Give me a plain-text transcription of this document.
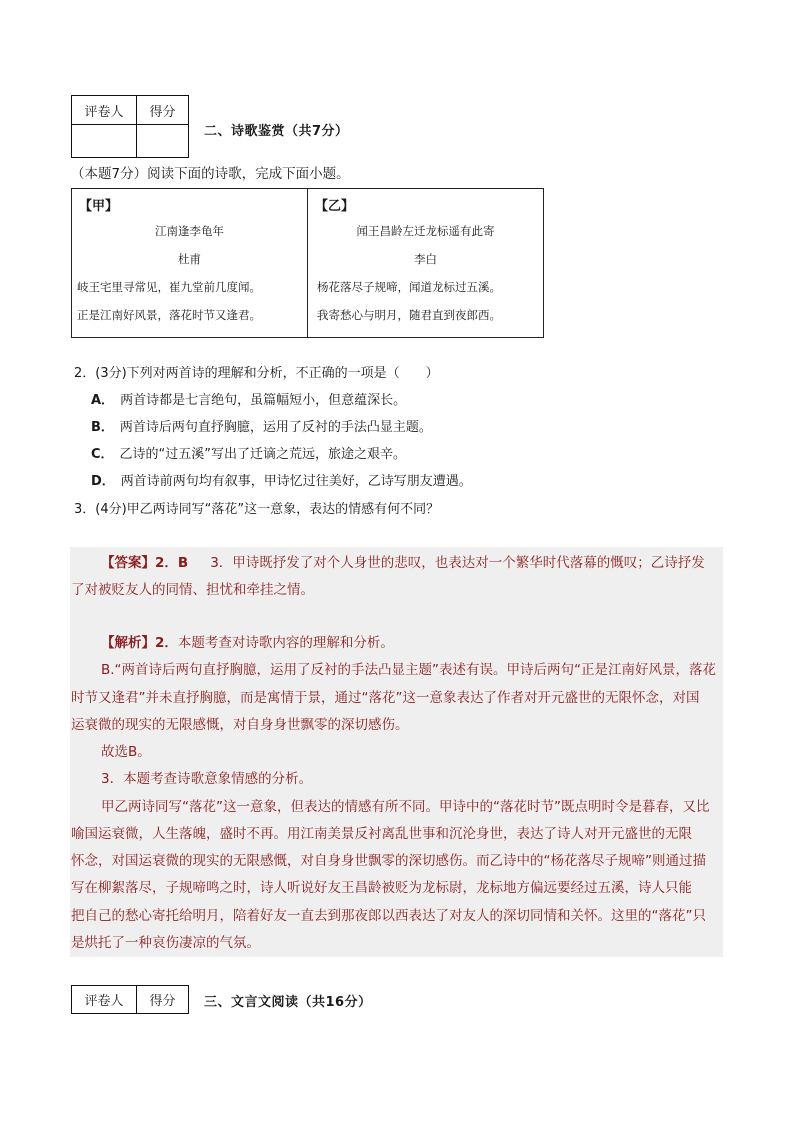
评卷人	得分

二、诗歌鉴赏（共7分）
（本题7分）阅读下面的诗歌，完成下面小题。
【甲】
江南逢李龟年
杜甫
岐王宅里寻常见，崔九堂前几度闻。
正是江南好风景，落花时节又逢君。

【乙】
闻王昌龄左迁龙标遥有此寄
李白
杨花落尽子规啼，闻道龙标过五溪。
我寄愁心与明月，随君直到夜郎西。
2．(3分)下列对两首诗的理解和分析，不正确的一项是（　　）
A． 两首诗都是七言绝句，虽篇幅短小，但意蕴深长。
B． 两首诗后两句直抒胸臆，运用了反衬的手法凸显主题。
C． 乙诗的“过五溪”写出了迁谪之荒远，旅途之艰辛。
D． 两首诗前两句均有叙事，甲诗忆过往美好，乙诗写朋友遭遇。
3．(4分)甲乙两诗同写“落花”这一意象，表达的情感有何不同？
【答案】2．B 3．甲诗既抒发了对个人身世的悲叹，也表达对一个繁华时代落幕的慨叹；乙诗抒发
了对被贬友人的同情、担忧和牵挂之情。
【解析】2．本题考查对诗歌内容的理解和分析。
B.“两首诗后两句直抒胸臆，运用了反衬的手法凸显主题”表述有误。甲诗后两句“正是江南好风景，落花
时节又逢君”并未直抒胸臆，而是寓情于景，通过“落花”这一意象表达了作者对开元盛世的无限怀念，对国
运衰微的现实的无限感慨，对自身身世飘零的深切感伤。
故选B。
3．本题考查诗歌意象情感的分析。
甲乙两诗同写“落花”这一意象，但表达的情感有所不同。甲诗中的“落花时节”既点明时令是暮春，又比
喻国运衰微，人生落魄，盛时不再。用江南美景反衬离乱世事和沉沦身世，表达了诗人对开元盛世的无限
怀念，对国运衰微的现实的无限感慨，对自身身世飘零的深切感伤。而乙诗中的“杨花落尽子规啼”则通过描
写在柳絮落尽，子规啼鸣之时，诗人听说好友王昌龄被贬为龙标尉，龙标地方偏远要经过五溪，诗人只能
把自己的愁心寄托给明月，陪着好友一直去到那夜郎以西表达了对友人的深切同情和关怀。这里的“落花”只
是烘托了一种哀伤凄凉的气氛。
评卷人	得分 三、文言文阅读（共16分）
